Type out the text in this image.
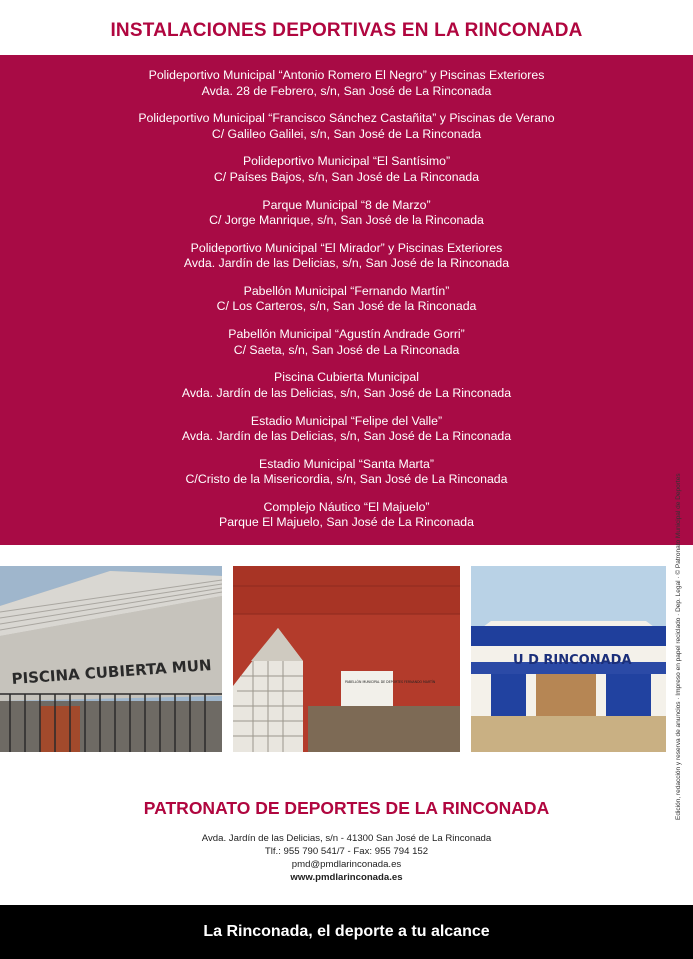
INSTALACIONES DEPORTIVAS EN LA RINCONADA
Polideportivo Municipal “Antonio Romero El Negro” y Piscinas Exteriores
Avda. 28 de Febrero, s/n, San José de La Rinconada
Polideportivo Municipal “Francisco Sánchez Castañita” y Piscinas de Verano
C/ Galileo Galilei, s/n, San José de La Rinconada
Polideportivo Municipal “El Santísimo”
C/ Países Bajos, s/n, San José de La Rinconada
Parque Municipal “8 de Marzo”
C/ Jorge Manrique, s/n, San José de la Rinconada
Polideportivo Municipal “El Mirador” y Piscinas Exteriores
Avda. Jardín de las Delicias, s/n, San José de la Rinconada
Pabellón Municipal “Fernando Martín”
C/ Los Carteros, s/n, San José de la Rinconada
Pabellón Municipal “Agustín Andrade Gorri”
C/ Saeta, s/n, San José de La Rinconada
Piscina Cubierta Municipal
Avda. Jardín de las Delicias, s/n, San José de La Rinconada
Estadio Municipal “Felipe del Valle”
Avda. Jardín de las Delicias, s/n, San José de La Rinconada
Estadio Municipal “Santa Marta”
C/Cristo de la Misericordia, s/n, San José de La Rinconada
Complejo Náutico “El Majuelo”
Parque El Majuelo, San José de La Rinconada	Edición, redacción y reserva de anuncios · Impreso en papel reciclado · Dep. Legal · © Patronato Municipal de Deportes
PISCINA CUBIERTA MUN	PABELLÓN MUNICIPAL DE DEPORTES FERNANDO MARTÍN
U D RINCONADA
PATRONATO DE DEPORTES DE LA RINCONADA
Avda. Jardín de las Delicias, s/n - 41300 San José de La Rinconada
Tlf.: 955 790 541/7 - Fax: 955 794 152
pmd@pmdlarinconada.es
www.pmdlarinconada.es
La Rinconada, el deporte a tu alcance
